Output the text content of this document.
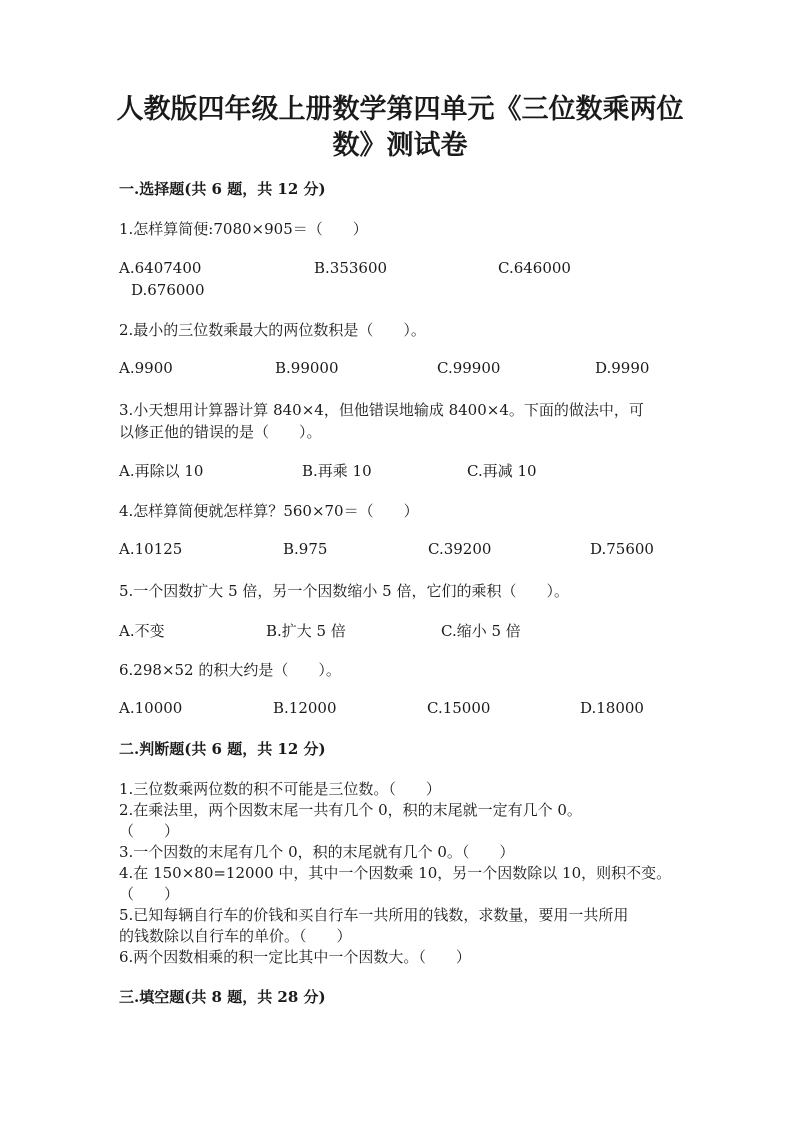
人教版四年级上册数学第四单元《三位数乘两位
数》测试卷
一.选择题(共 6 题，共 12 分)
1.怎样算简便:7080×905＝（　　）
A.6407400	B.353600	C.646000
D.676000
2.最小的三位数乘最大的两位数积是（　　）。
A.9900	B.99000	C.99900	D.9990
3.小天想用计算器计算 840×4，但他错误地输成 8400×4。下面的做法中，可
以修正他的错误的是（　　）。
A.再除以 10	B.再乘 10	C.再减 10
4.怎样算简便就怎样算？560×70＝（　　）
A.10125	B.975	C.39200	D.75600
5.一个因数扩大 5 倍，另一个因数缩小 5 倍，它们的乘积（　　）。
A.不变	B.扩大 5 倍	C.缩小 5 倍
6.298×52 的积大约是（　　）。
A.10000	B.12000	C.15000	D.18000
二.判断题(共 6 题，共 12 分)
1.三位数乘两位数的积不可能是三位数。（　　）
2.在乘法里，两个因数末尾一共有几个 0，积的末尾就一定有几个 0。
（　　）
3.一个因数的末尾有几个 0，积的末尾就有几个 0。（　　）
4.在 150×80=12000 中，其中一个因数乘 10，另一个因数除以 10，则积不变。
（　　）
5.已知每辆自行车的价钱和买自行车一共所用的钱数，求数量，要用一共所用
的钱数除以自行车的单价。（　　）
6.两个因数相乘的积一定比其中一个因数大。（　　）
三.填空题(共 8 题，共 28 分)
